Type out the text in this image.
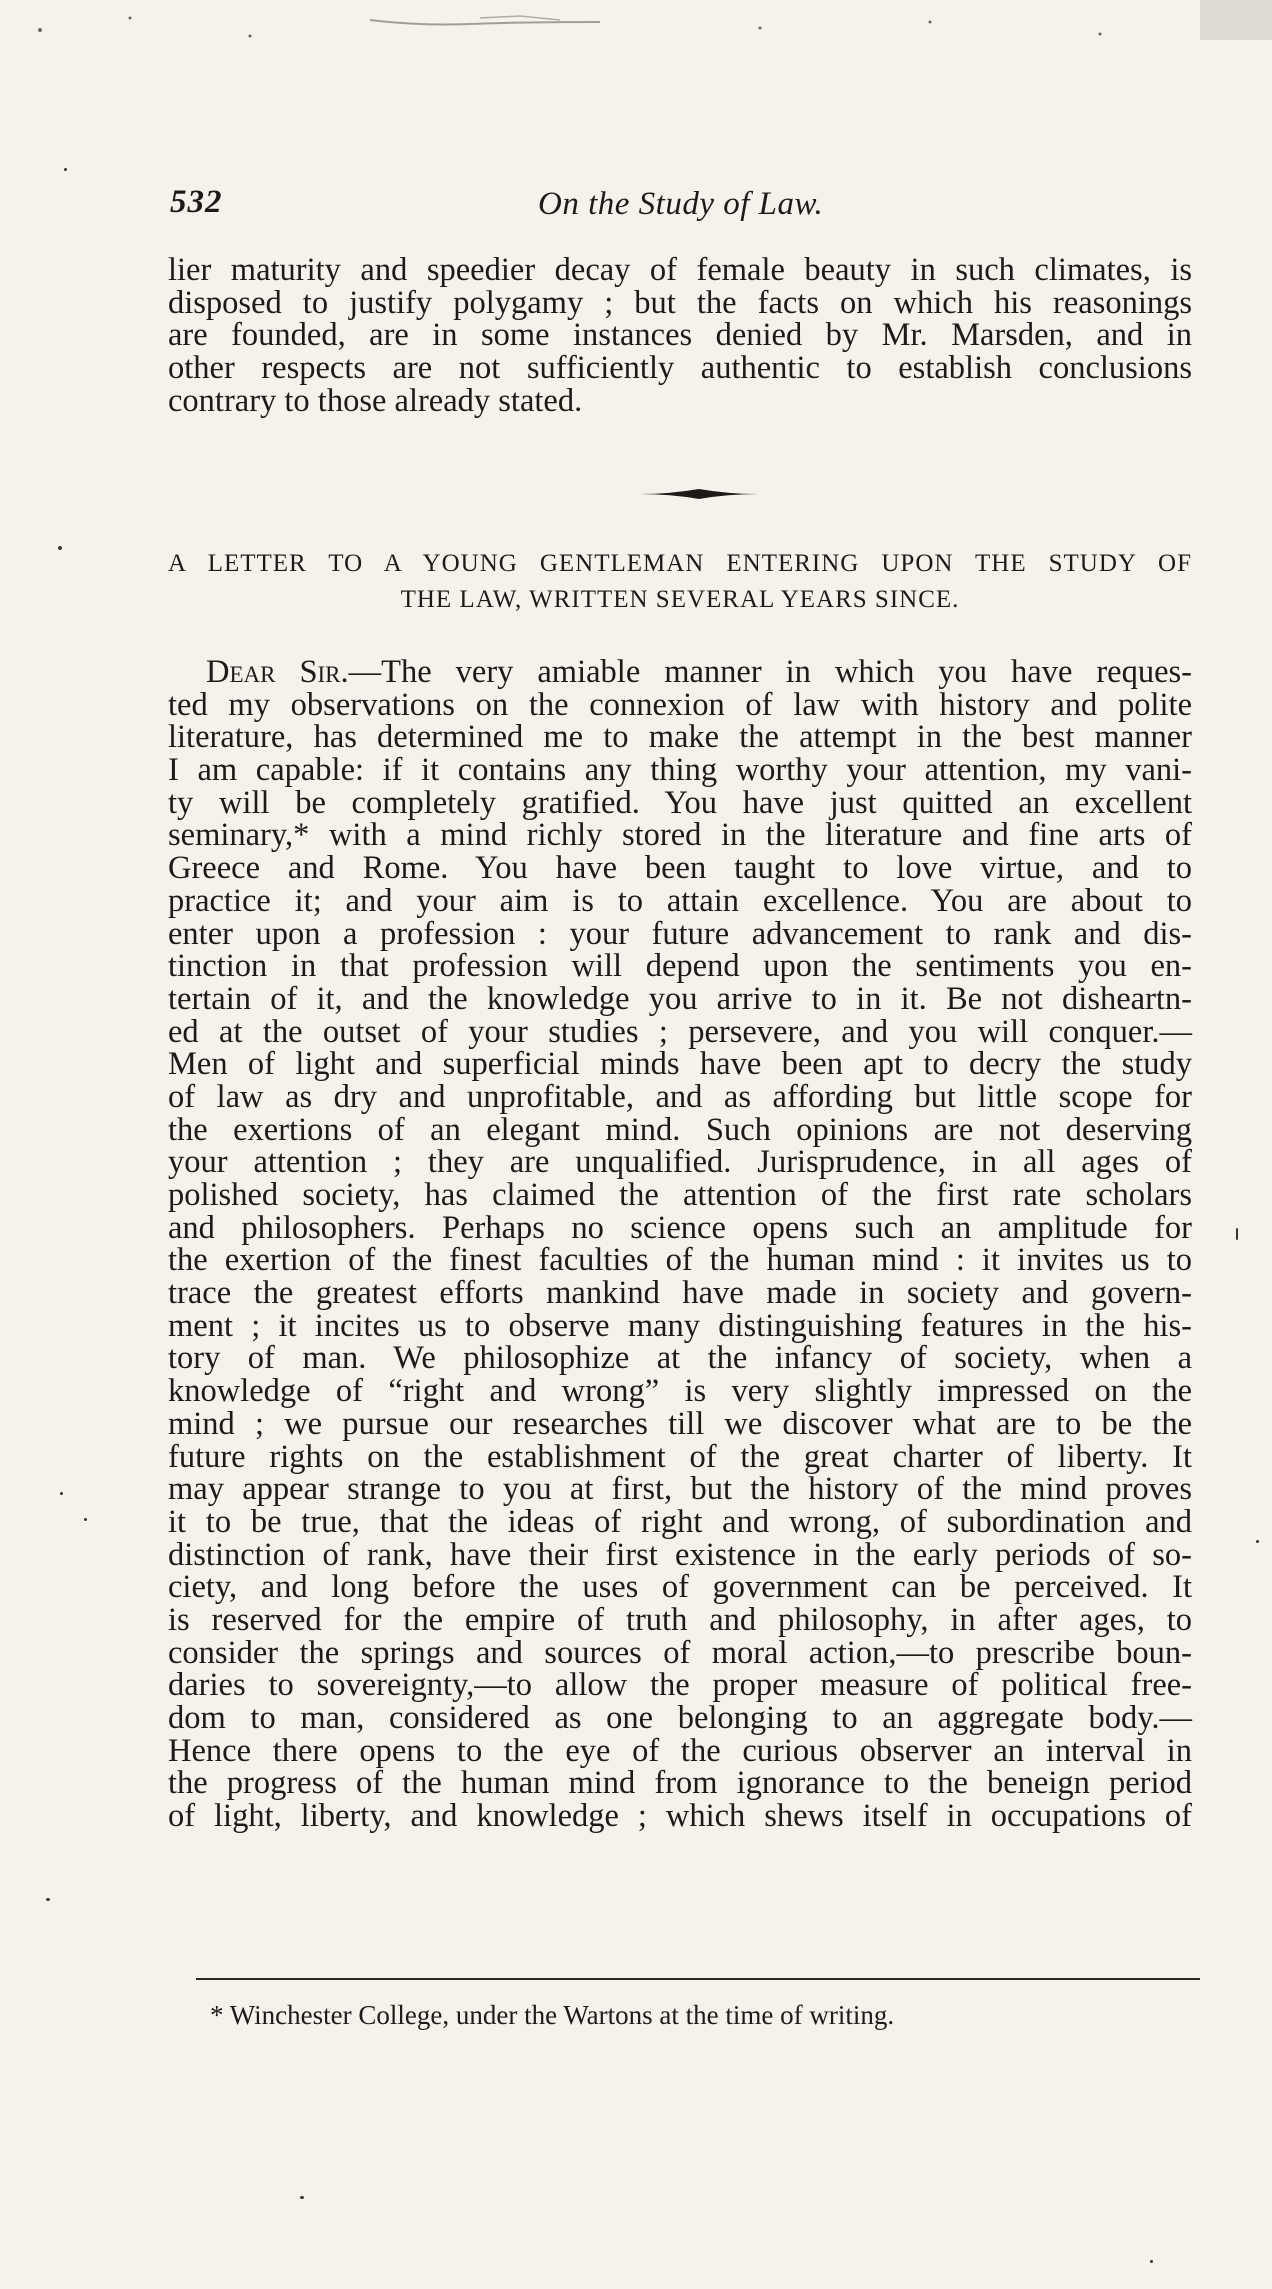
532	On the Study of Law.
lier maturity and speedier decay of female beauty in such climates, is
disposed to justify polygamy ; but the facts on which his reasonings
are founded, are in some instances denied by Mr. Marsden, and in
other respects are not sufficiently authentic to establish conclusions
contrary to those already stated.
A LETTER TO A YOUNG GENTLEMAN ENTERING UPON THE STUDY OF
THE LAW, WRITTEN SEVERAL YEARS SINCE.
Dear Sir.—The very amiable manner in which you have reques-
ted my observations on the connexion of law with history and polite
literature, has determined me to make the attempt in the best manner
I am capable: if it contains any thing worthy your attention, my vani-
ty will be completely gratified. You have just quitted an excellent
seminary,* with a mind richly stored in the literature and fine arts of
Greece and Rome. You have been taught to love virtue, and to
practice it; and your aim is to attain excellence. You are about to
enter upon a profession : your future advancement to rank and dis-
tinction in that profession will depend upon the sentiments you en-
tertain of it, and the knowledge you arrive to in it. Be not disheartn-
ed at the outset of your studies ; persevere, and you will conquer.—
Men of light and superficial minds have been apt to decry the study
of law as dry and unprofitable, and as affording but little scope for
the exertions of an elegant mind. Such opinions are not deserving
your attention ; they are unqualified. Jurisprudence, in all ages of
polished society, has claimed the attention of the first rate scholars
and philosophers. Perhaps no science opens such an amplitude for
the exertion of the finest faculties of the human mind : it invites us to
trace the greatest efforts mankind have made in society and govern-
ment ; it incites us to observe many distinguishing features in the his-
tory of man. We philosophize at the infancy of society, when a
knowledge of “right and wrong” is very slightly impressed on the
mind ; we pursue our researches till we discover what are to be the
future rights on the establishment of the great charter of liberty. It
may appear strange to you at first, but the history of the mind proves
it to be true, that the ideas of right and wrong, of subordination and
distinction of rank, have their first existence in the early periods of so-
ciety, and long before the uses of government can be perceived. It
is reserved for the empire of truth and philosophy, in after ages, to
consider the springs and sources of moral action,—to prescribe boun-
daries to sovereignty,—to allow the proper measure of political free-
dom to man, considered as one belonging to an aggregate body.—
Hence there opens to the eye of the curious observer an interval in
the progress of the human mind from ignorance to the beneign period
of light, liberty, and knowledge ; which shews itself in occupations of
* Winchester College, under the Wartons at the time of writing.
